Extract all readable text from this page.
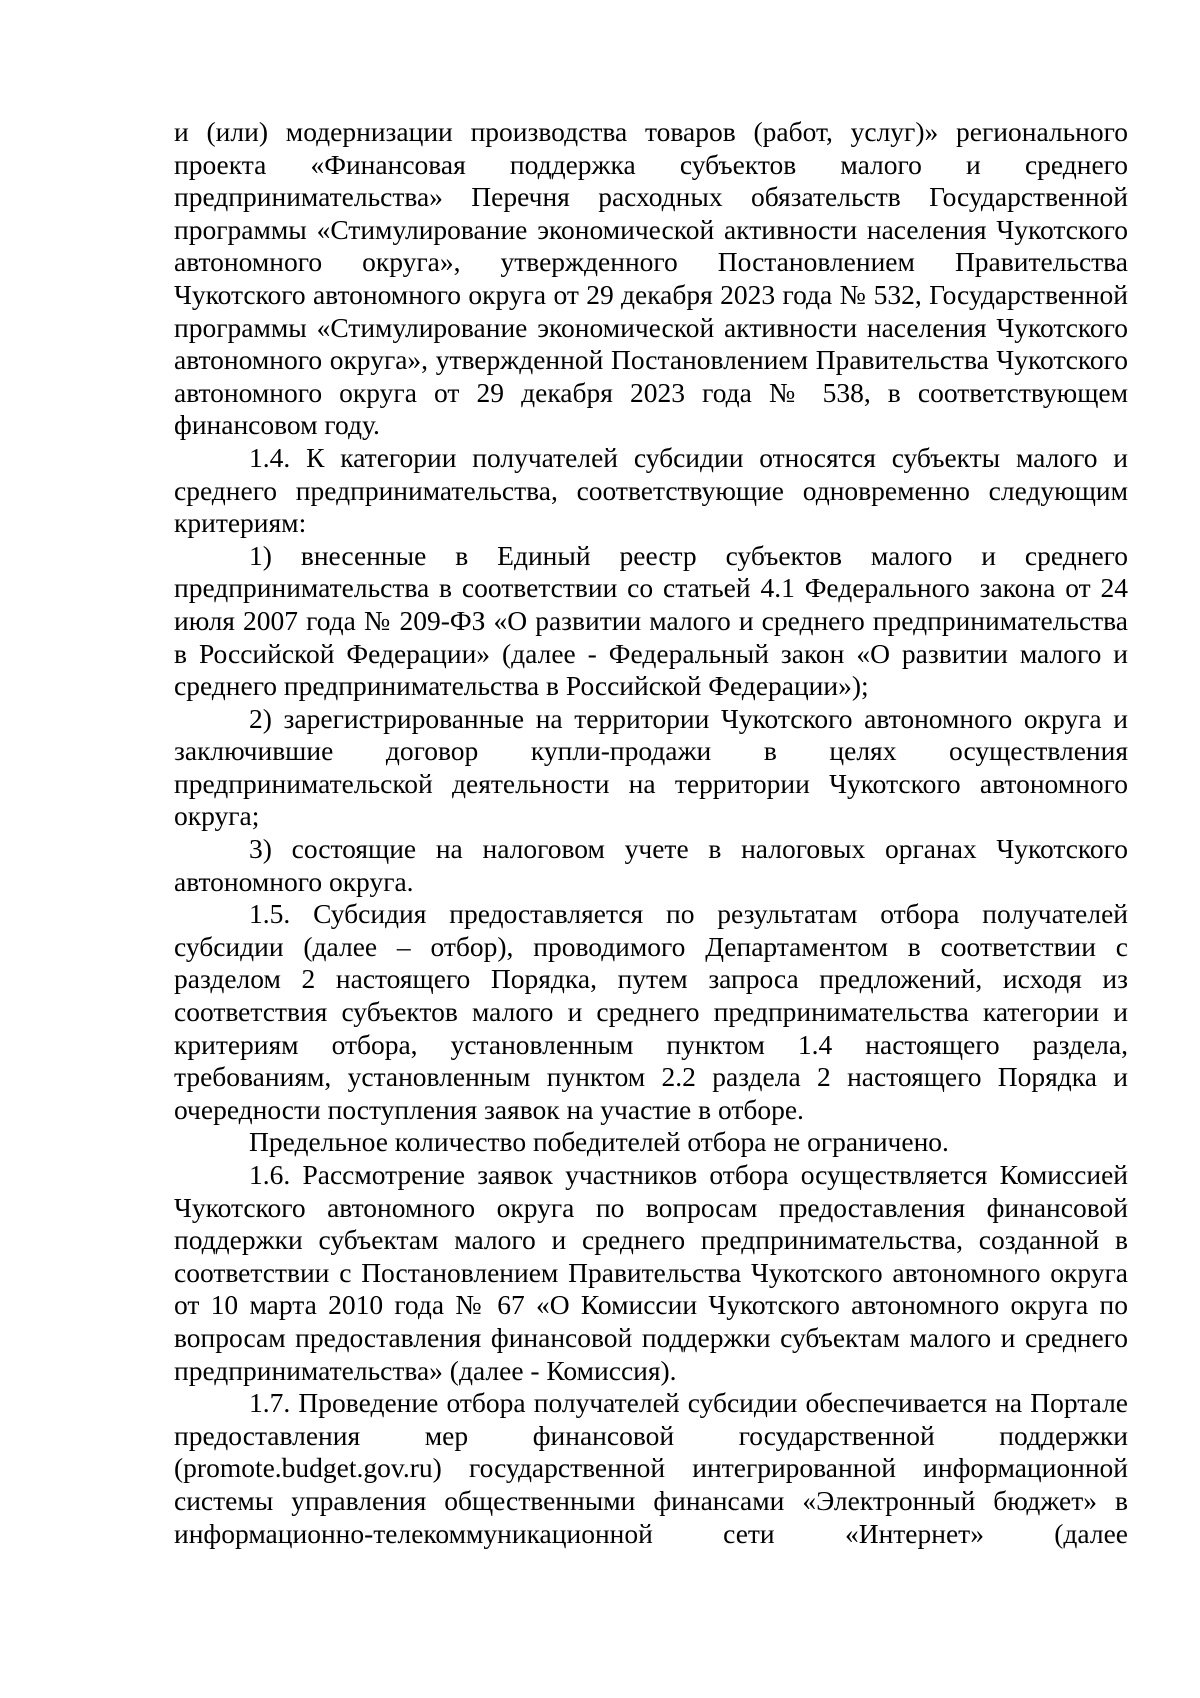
и (или) модернизации производства товаров (работ, услуг)» регионального проекта «Финансовая поддержка субъектов малого и среднего предпринимательства» Перечня расходных обязательств Государственной программы «Стимулирование экономической активности населения Чукотского автономного округа», утвержденного Постановлением Правительства Чукотского автономного округа от 29 декабря 2023 года № 532, Государственной программы «Стимулирование экономической активности населения Чукотского автономного округа», утвержденной Постановлением Правительства Чукотского автономного округа от 29 декабря 2023 года № 538, в соответствующем финансовом году.

1.4. К категории получателей субсидии относятся субъекты малого и среднего предпринимательства, соответствующие одновременно следующим критериям:

1) внесенные в Единый реестр субъектов малого и среднего предпринимательства в соответствии со статьей 4.1 Федерального закона от 24 июля 2007 года № 209-ФЗ «О развитии малого и среднего предпринимательства в Российской Федерации» (далее - Федеральный закон «О развитии малого и среднего предпринимательства в Российской Федерации»);

2) зарегистрированные на территории Чукотского автономного округа и заключившие договор купли-продажи в целях осуществления предпринимательской деятельности на территории Чукотского автономного округа;

3) состоящие на налоговом учете в налоговых органах Чукотского автономного округа.

1.5. Субсидия предоставляется по результатам отбора получателей субсидии (далее – отбор), проводимого Департаментом в соответствии с разделом 2 настоящего Порядка, путем запроса предложений, исходя из соответствия субъектов малого и среднего предпринимательства категории и критериям отбора, установленным пунктом 1.4 настоящего раздела, требованиям, установленным пунктом 2.2 раздела 2 настоящего Порядка и очередности поступления заявок на участие в отборе.

Предельное количество победителей отбора не ограничено.

1.6. Рассмотрение заявок участников отбора осуществляется Комиссией Чукотского автономного округа по вопросам предоставления финансовой поддержки субъектам малого и среднего предпринимательства, созданной в соответствии с Постановлением Правительства Чукотского автономного округа от 10 марта 2010 года № 67 «О Комиссии Чукотского автономного округа по вопросам предоставления финансовой поддержки субъектам малого и среднего предпринимательства» (далее - Комиссия).

1.7. Проведение отбора получателей субсидии обеспечивается на Портале предоставления мер финансовой государственной поддержки (promote.budget.gov.ru) государственной интегрированной информационной системы управления общественными финансами «Электронный бюджет» в информационно-телекоммуникационной сети «Интернет» (далее
